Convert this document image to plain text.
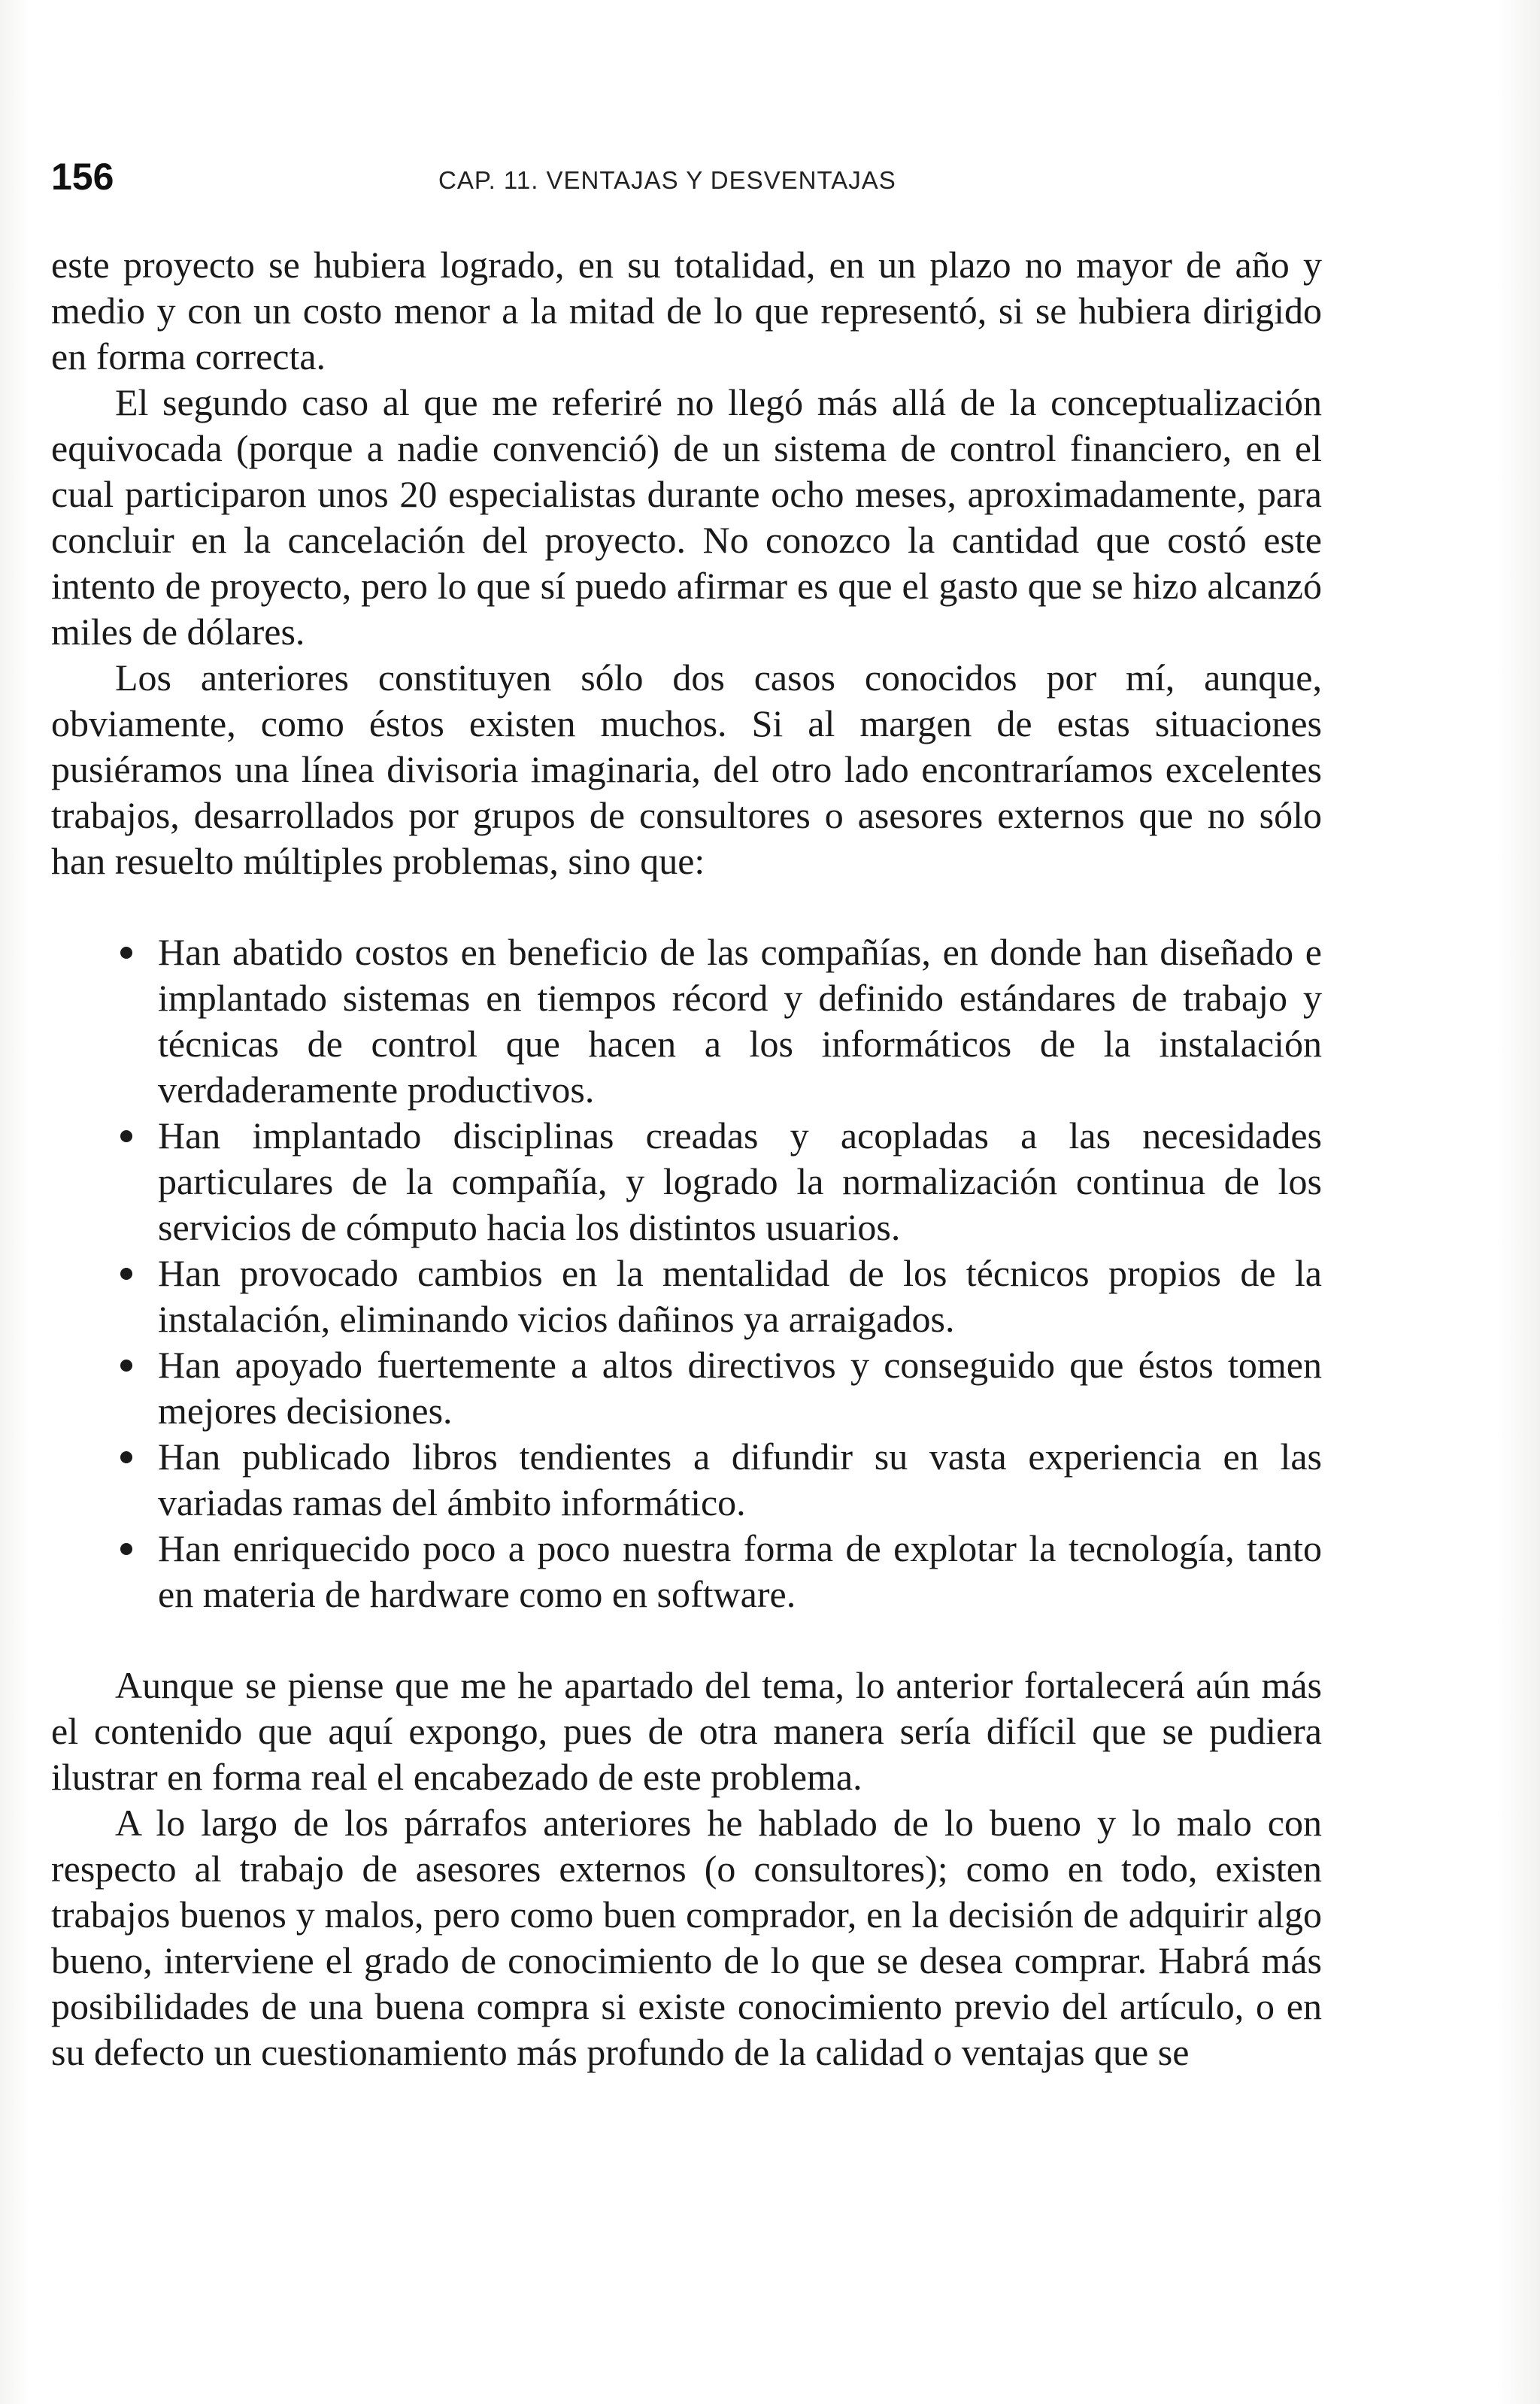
156	CAP. 11. VENTAJAS Y DESVENTAJAS

este proyecto se hubiera logrado, en su totalidad, en un plazo no mayor de año y medio y con un costo menor a la mitad de lo que representó, si se hubiera dirigido en forma correcta.

El segundo caso al que me referiré no llegó más allá de la conceptualización equivocada (porque a nadie convenció) de un sistema de control financiero, en el cual participaron unos 20 especialistas durante ocho meses, aproximadamente, para concluir en la cancelación del proyecto. No conozco la cantidad que costó este intento de proyecto, pero lo que sí puedo afirmar es que el gasto que se hizo alcanzó miles de dólares.

Los anteriores constituyen sólo dos casos conocidos por mí, aunque, obviamente, como éstos existen muchos. Si al margen de estas situaciones pusiéramos una línea divisoria imaginaria, del otro lado encontraríamos excelentes trabajos, desarrollados por grupos de consultores o asesores externos que no sólo han resuelto múltiples problemas, sino que:

Han abatido costos en beneficio de las compañías, en donde han diseñado e implantado sistemas en tiempos récord y definido estándares de trabajo y técnicas de control que hacen a los informáticos de la instalación verdaderamente productivos.
Han implantado disciplinas creadas y acopladas a las necesidades particulares de la compañía, y logrado la normalización continua de los servicios de cómputo hacia los distintos usuarios.
Han provocado cambios en la mentalidad de los técnicos propios de la instalación, eliminando vicios dañinos ya arraigados.
Han apoyado fuertemente a altos directivos y conseguido que éstos tomen mejores decisiones.
Han publicado libros tendientes a difundir su vasta experiencia en las variadas ramas del ámbito informático.
Han enriquecido poco a poco nuestra forma de explotar la tecnología, tanto en materia de hardware como en software.

Aunque se piense que me he apartado del tema, lo anterior fortalecerá aún más el contenido que aquí expongo, pues de otra manera sería difícil que se pudiera ilustrar en forma real el encabezado de este problema.

A lo largo de los párrafos anteriores he hablado de lo bueno y lo malo con respecto al trabajo de asesores externos (o consultores); como en todo, existen trabajos buenos y malos, pero como buen comprador, en la decisión de adquirir algo bueno, interviene el grado de conocimiento de lo que se desea comprar. Habrá más posibilidades de una buena compra si existe conocimiento previo del artículo, o en su defecto un cuestionamiento más profundo de la calidad o ventajas que se
